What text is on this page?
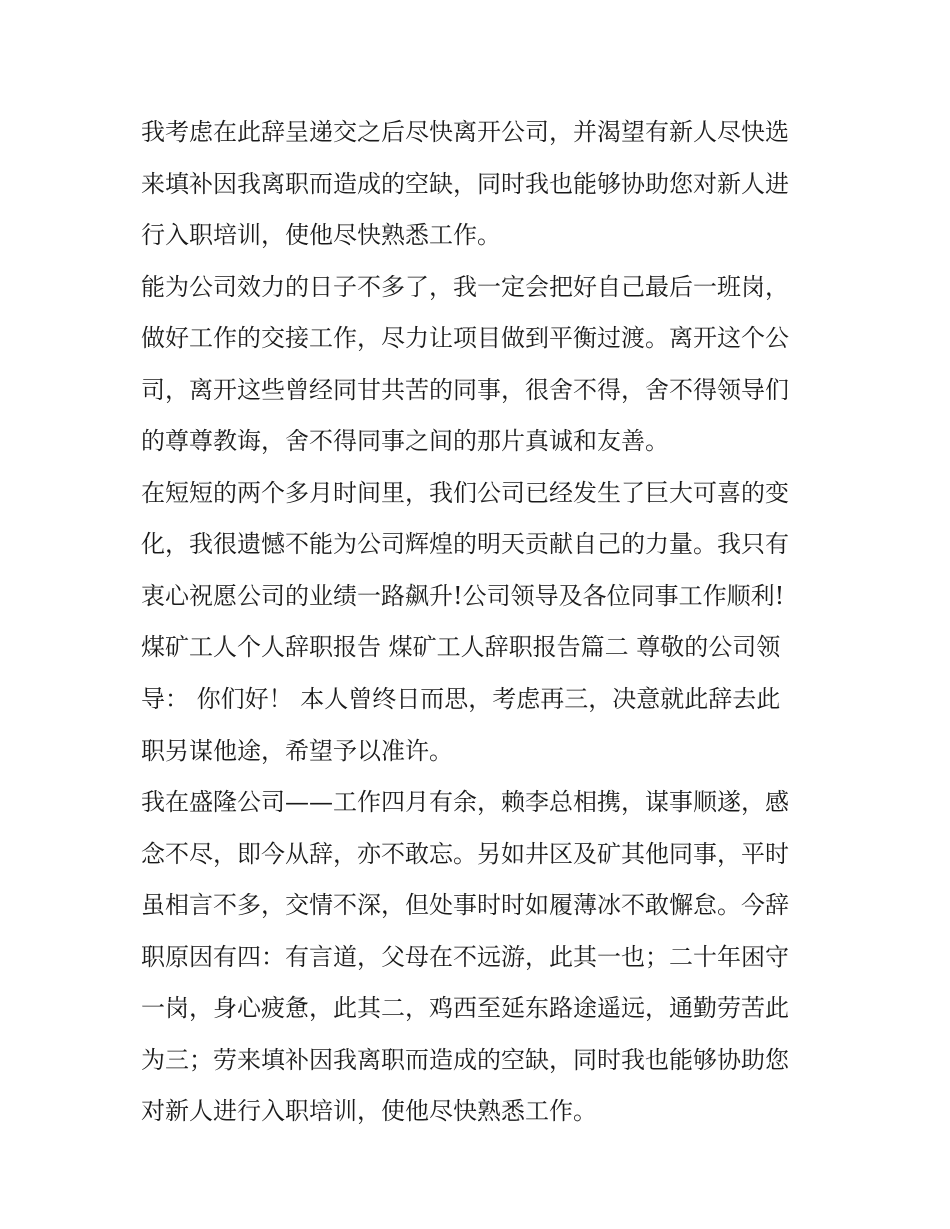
我考虑在此辞呈递交之后尽快离开公司，并渴望有新人尽快选
来填补因我离职而造成的空缺，同时我也能够协助您对新人进
行入职培训，使他尽快熟悉工作。
能为公司效力的日子不多了，我一定会把好自己最后一班岗，
做好工作的交接工作，尽力让项目做到平衡过渡。离开这个公
司，离开这些曾经同甘共苦的同事，很舍不得，舍不得领导们
的尊尊教诲，舍不得同事之间的那片真诚和友善。
在短短的两个多月时间里，我们公司已经发生了巨大可喜的变
化，我很遗憾不能为公司辉煌的明天贡献自己的力量。我只有
衷心祝愿公司的业绩一路飙升!公司领导及各位同事工作顺利!
煤矿工人个人辞职报告 煤矿工人辞职报告篇二 尊敬的公司领
导： 你们好！ 本人曾终日而思，考虑再三，决意就此辞去此
职另谋他途，希望予以准许。
我在盛隆公司——工作四月有余，赖李总相携，谋事顺遂，感
念不尽，即今从辞，亦不敢忘。另如井区及矿其他同事，平时
虽相言不多，交情不深，但处事时时如履薄冰不敢懈怠。今辞
职原因有四：有言道，父母在不远游，此其一也；二十年困守
一岗，身心疲惫，此其二，鸡西至延东路途遥远，通勤劳苦此
为三；劳来填补因我离职而造成的空缺，同时我也能够协助您
对新人进行入职培训，使他尽快熟悉工作。
